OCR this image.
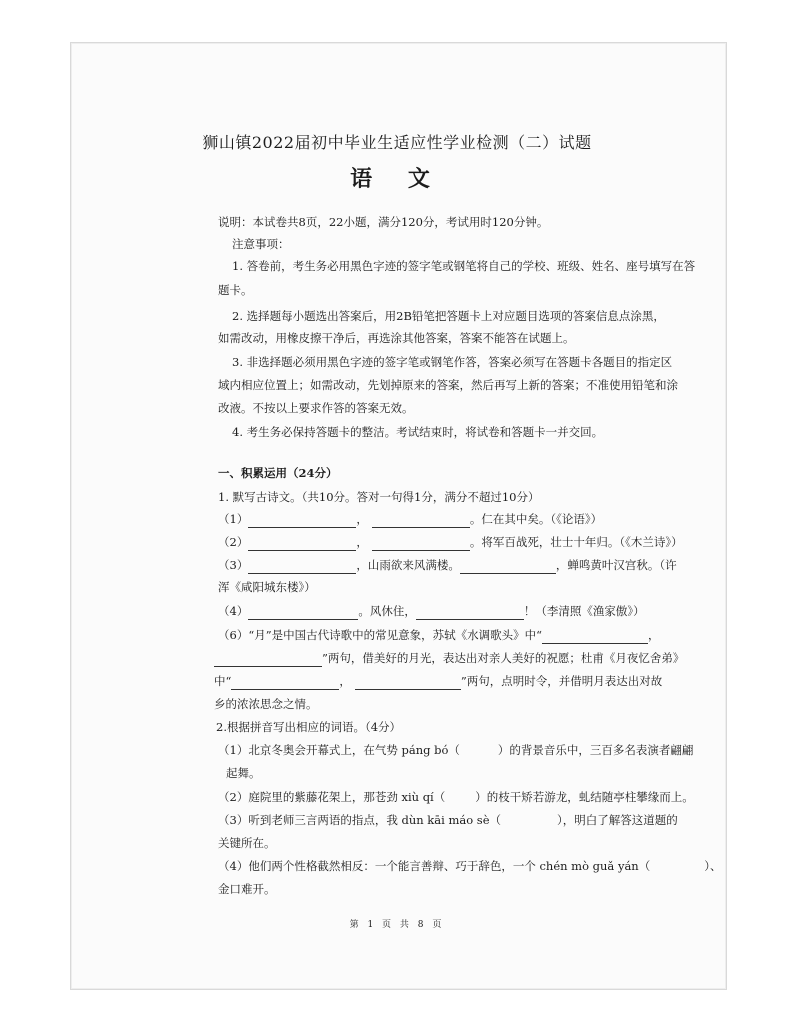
狮山镇2022届初中毕业生适应性学业检测（二）试题
语 文
说明：本试卷共8页，22小题，满分120分，考试用时120分钟。
注意事项：
1. 答卷前，考生务必用黑色字迹的签字笔或钢笔将自己的学校、班级、姓名、座号填写在答
题卡。
2. 选择题每小题选出答案后，用2B铅笔把答题卡上对应题目选项的答案信息点涂黑，
如需改动，用橡皮擦干净后，再选涂其他答案，答案不能答在试题上。
3. 非选择题必须用黑色字迹的签字笔或钢笔作答，答案必须写在答题卡各题目的指定区
域内相应位置上；如需改动，先划掉原来的答案，然后再写上新的答案；不准使用铅笔和涂
改液。不按以上要求作答的答案无效。
4. 考生务必保持答题卡的整洁。考试结束时，将试卷和答题卡一并交回。
一、积累运用（24分）
1. 默写古诗文。（共10分。答对一句得1分，满分不超过10分）
（1）	，	。仁在其中矣。（《论语》）
（2）	，	。将军百战死，壮士十年归。（《木兰诗》）
（3）	，山雨欲来风满楼。	，蝉鸣黄叶汉宫秋。（许
浑《咸阳城东楼》）
（4）	。风休住，	！（李清照《渔家傲》）
（6）“月”是中国古代诗歌中的常见意象，苏轼《水调歌头》中“	，
”两句，借美好的月光，表达出对亲人美好的祝愿；杜甫《月夜忆舍弟》
中“	，	”两句，点明时令，并借明月表达出对故
乡的浓浓思念之情。
2.根据拼音写出相应的词语。（4分）
（1）北京冬奥会开幕式上，在气势 páng bó（	）的背景音乐中，三百多名表演者翩翩
起舞。
（2）庭院里的紫藤花架上，那苍劲 xiù qí（	）的枝干矫若游龙，虬结随亭柱攀缘而上。
（3）听到老师三言两语的指点，我 dùn kāi máo sè（	），明白了解答这道题的
关键所在。
（4）他们两个性格截然相反：一个能言善辩、巧于辞色，一个 chén mò guǎ yán（	）、
金口难开。
第 1 页 共 8 页
